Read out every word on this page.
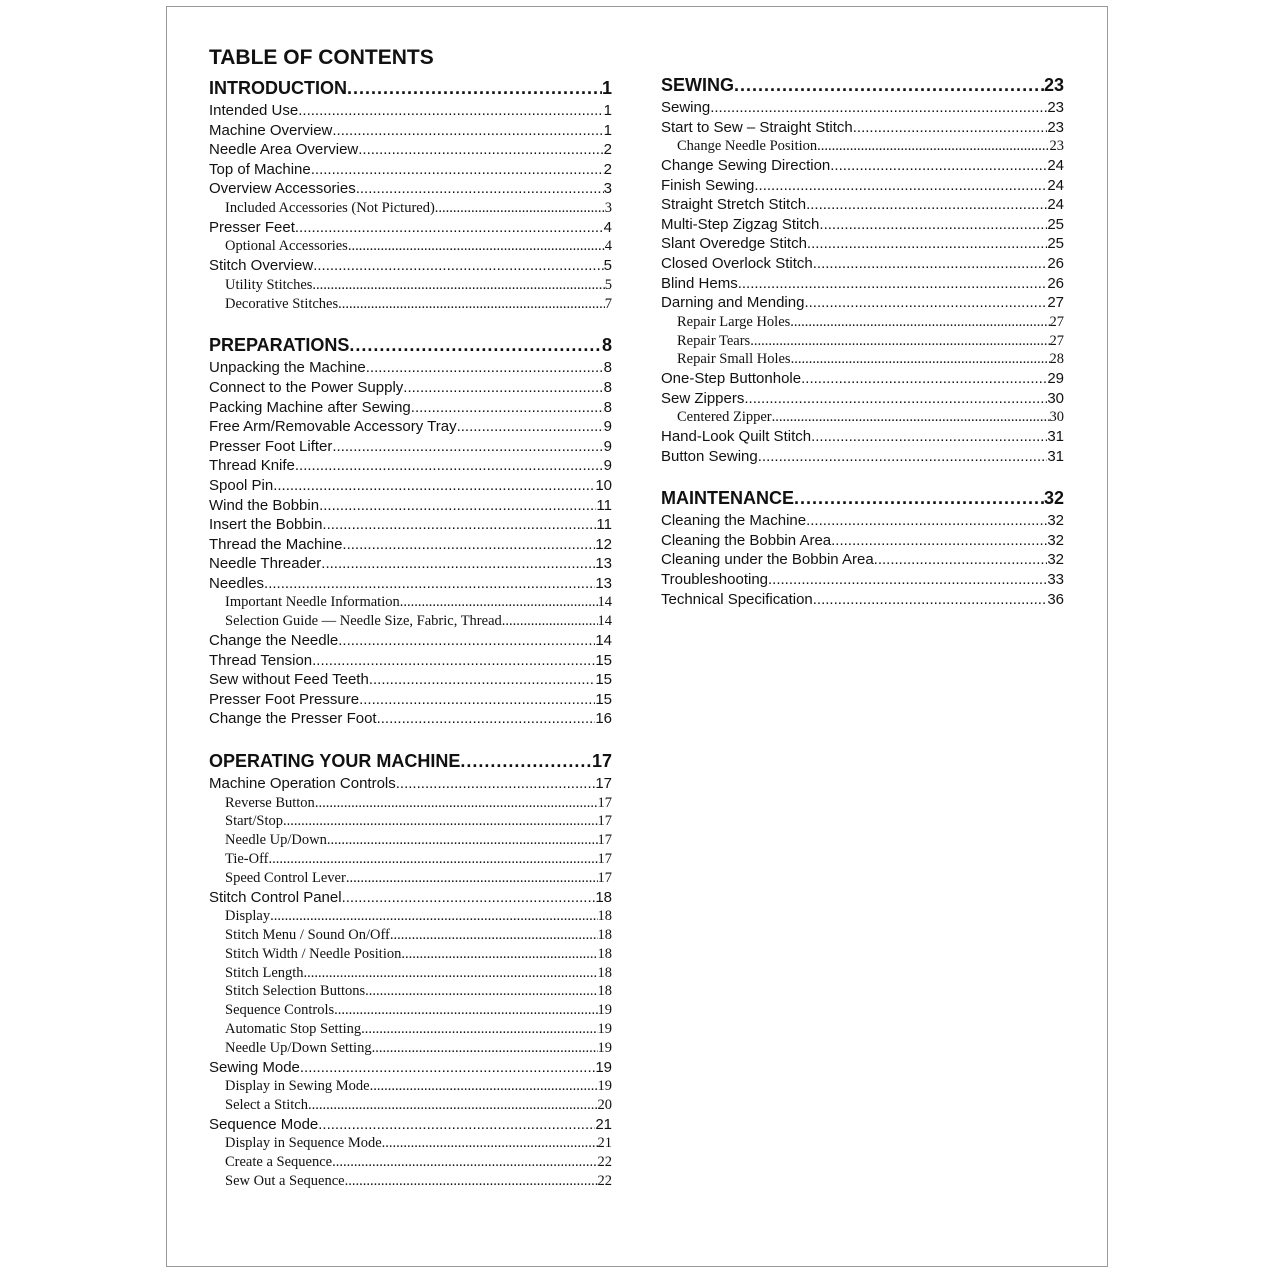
TABLE OF CONTENTS
INTRODUCTION .....	1
Intended Use .....	1
Machine Overview .....	1
Needle Area Overview .....	2
Top of Machine .....	2
Overview Accessories .....	3
Included Accessories (Not Pictured) .....	3
Presser Feet .....	4
Optional Accessories .....	4
Stitch Overview .....	5
Utility Stitches .....	5
Decorative Stitches .....	7
PREPARATIONS .....	8
Unpacking the Machine .....	8
Connect to the Power Supply .....	8
Packing Machine after Sewing .....	8
Free Arm/Removable Accessory Tray .....	9
Presser Foot Lifter .....	9
Thread Knife .....	9
Spool Pin .....	10
Wind the Bobbin .....	11
Insert the Bobbin .....	11
Thread the Machine .....	12
Needle Threader .....	13
Needles .....	13
Important Needle Information .....	14
Selection Guide — Needle Size, Fabric, Thread .....	14
Change the Needle .....	14
Thread Tension .....	15
Sew without Feed Teeth .....	15
Presser Foot Pressure .....	15
Change the Presser Foot .....	16
OPERATING YOUR MACHINE .....	17
Machine Operation Controls .....	17
Reverse Button .....	17
Start/Stop .....	17
Needle Up/Down .....	17
Tie-Off .....	17
Speed Control Lever .....	17
Stitch Control Panel .....	18
Display .....	18
Stitch Menu / Sound On/Off .....	18
Stitch Width / Needle Position .....	18
Stitch Length .....	18
Stitch Selection Buttons .....	18
Sequence Controls .....	19
Automatic Stop Setting .....	19
Needle Up/Down Setting .....	19
Sewing Mode .....	19
Display in Sewing Mode .....	19
Select a Stitch .....	20
Sequence Mode .....	21
Display in Sequence Mode .....	21
Create a Sequence .....	22
Sew Out a Sequence .....	22
SEWING .....	23
Sewing .....	23
Start to Sew – Straight Stitch .....	23
Change Needle Position .....	23
Change Sewing Direction .....	24
Finish Sewing .....	24
Straight Stretch Stitch .....	24
Multi-Step Zigzag Stitch .....	25
Slant Overedge Stitch .....	25
Closed Overlock Stitch .....	26
Blind Hems .....	26
Darning and Mending .....	27
Repair Large Holes .....	27
Repair Tears .....	27
Repair Small Holes .....	28
One-Step Buttonhole .....	29
Sew Zippers .....	30
Centered Zipper .....	30
Hand-Look Quilt Stitch .....	31
Button Sewing .....	31
MAINTENANCE .....	32
Cleaning the Machine .....	32
Cleaning the Bobbin Area .....	32
Cleaning under the Bobbin Area .....	32
Troubleshooting .....	33
Technical Specification .....	36
